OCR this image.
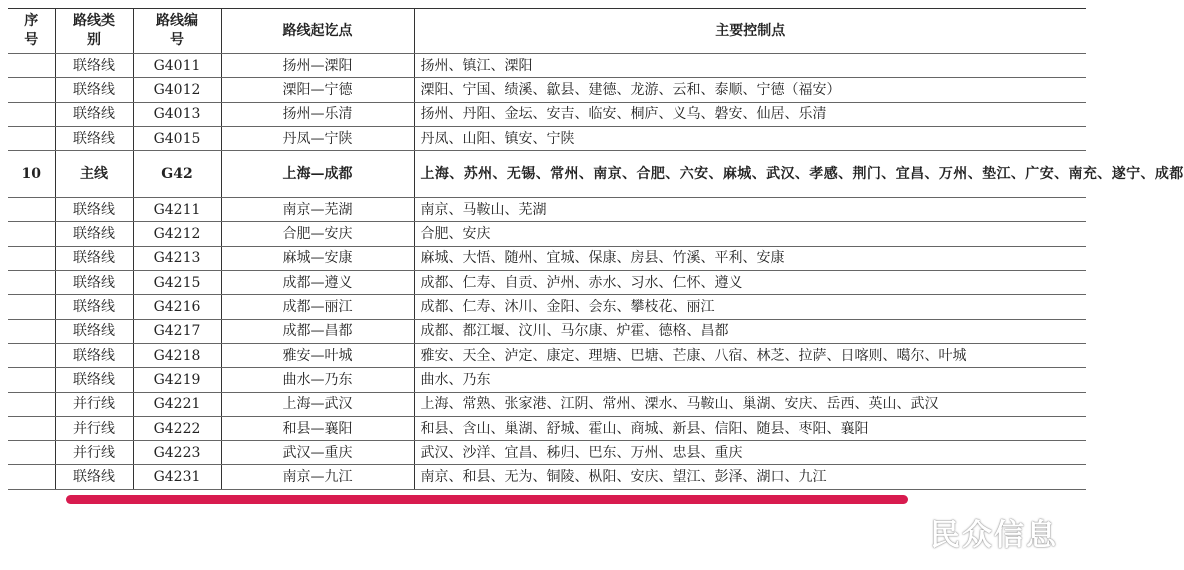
序号	路线类别	路线编号	路线起讫点	主要控制点
	联络线	G4011	扬州—溧阳	扬州、镇江、溧阳
	联络线	G4012	溧阳—宁德	溧阳、宁国、绩溪、歙县、建德、龙游、云和、泰顺、宁德（福安）
	联络线	G4013	扬州—乐清	扬州、丹阳、金坛、安吉、临安、桐庐、义乌、磐安、仙居、乐清
	联络线	G4015	丹凤—宁陕	丹凤、山阳、镇安、宁陕
10	主线	G42	上海—成都	上海、苏州、无锡、常州、南京、合肥、六安、麻城、武汉、孝感、荆门、宜昌、万州、垫江、广安、南充、遂宁、成都
	联络线	G4211	南京—芜湖	南京、马鞍山、芜湖
	联络线	G4212	合肥—安庆	合肥、安庆
	联络线	G4213	麻城—安康	麻城、大悟、随州、宜城、保康、房县、竹溪、平利、安康
	联络线	G4215	成都—遵义	成都、仁寿、自贡、泸州、赤水、习水、仁怀、遵义
	联络线	G4216	成都—丽江	成都、仁寿、沐川、金阳、会东、攀枝花、丽江
	联络线	G4217	成都—昌都	成都、都江堰、汶川、马尔康、炉霍、德格、昌都
	联络线	G4218	雅安—叶城	雅安、天全、泸定、康定、理塘、巴塘、芒康、八宿、林芝、拉萨、日喀则、噶尔、叶城
	联络线	G4219	曲水—乃东	曲水、乃东
	并行线	G4221	上海—武汉	上海、常熟、张家港、江阴、常州、溧水、马鞍山、巢湖、安庆、岳西、英山、武汉
	并行线	G4222	和县—襄阳	和县、含山、巢湖、舒城、霍山、商城、新县、信阳、随县、枣阳、襄阳
	并行线	G4223	武汉—重庆	武汉、沙洋、宜昌、秭归、巴东、万州、忠县、重庆
	联络线	G4231	南京—九江	南京、和县、无为、铜陵、枞阳、安庆、望江、彭泽、湖口、九江
民众信息
